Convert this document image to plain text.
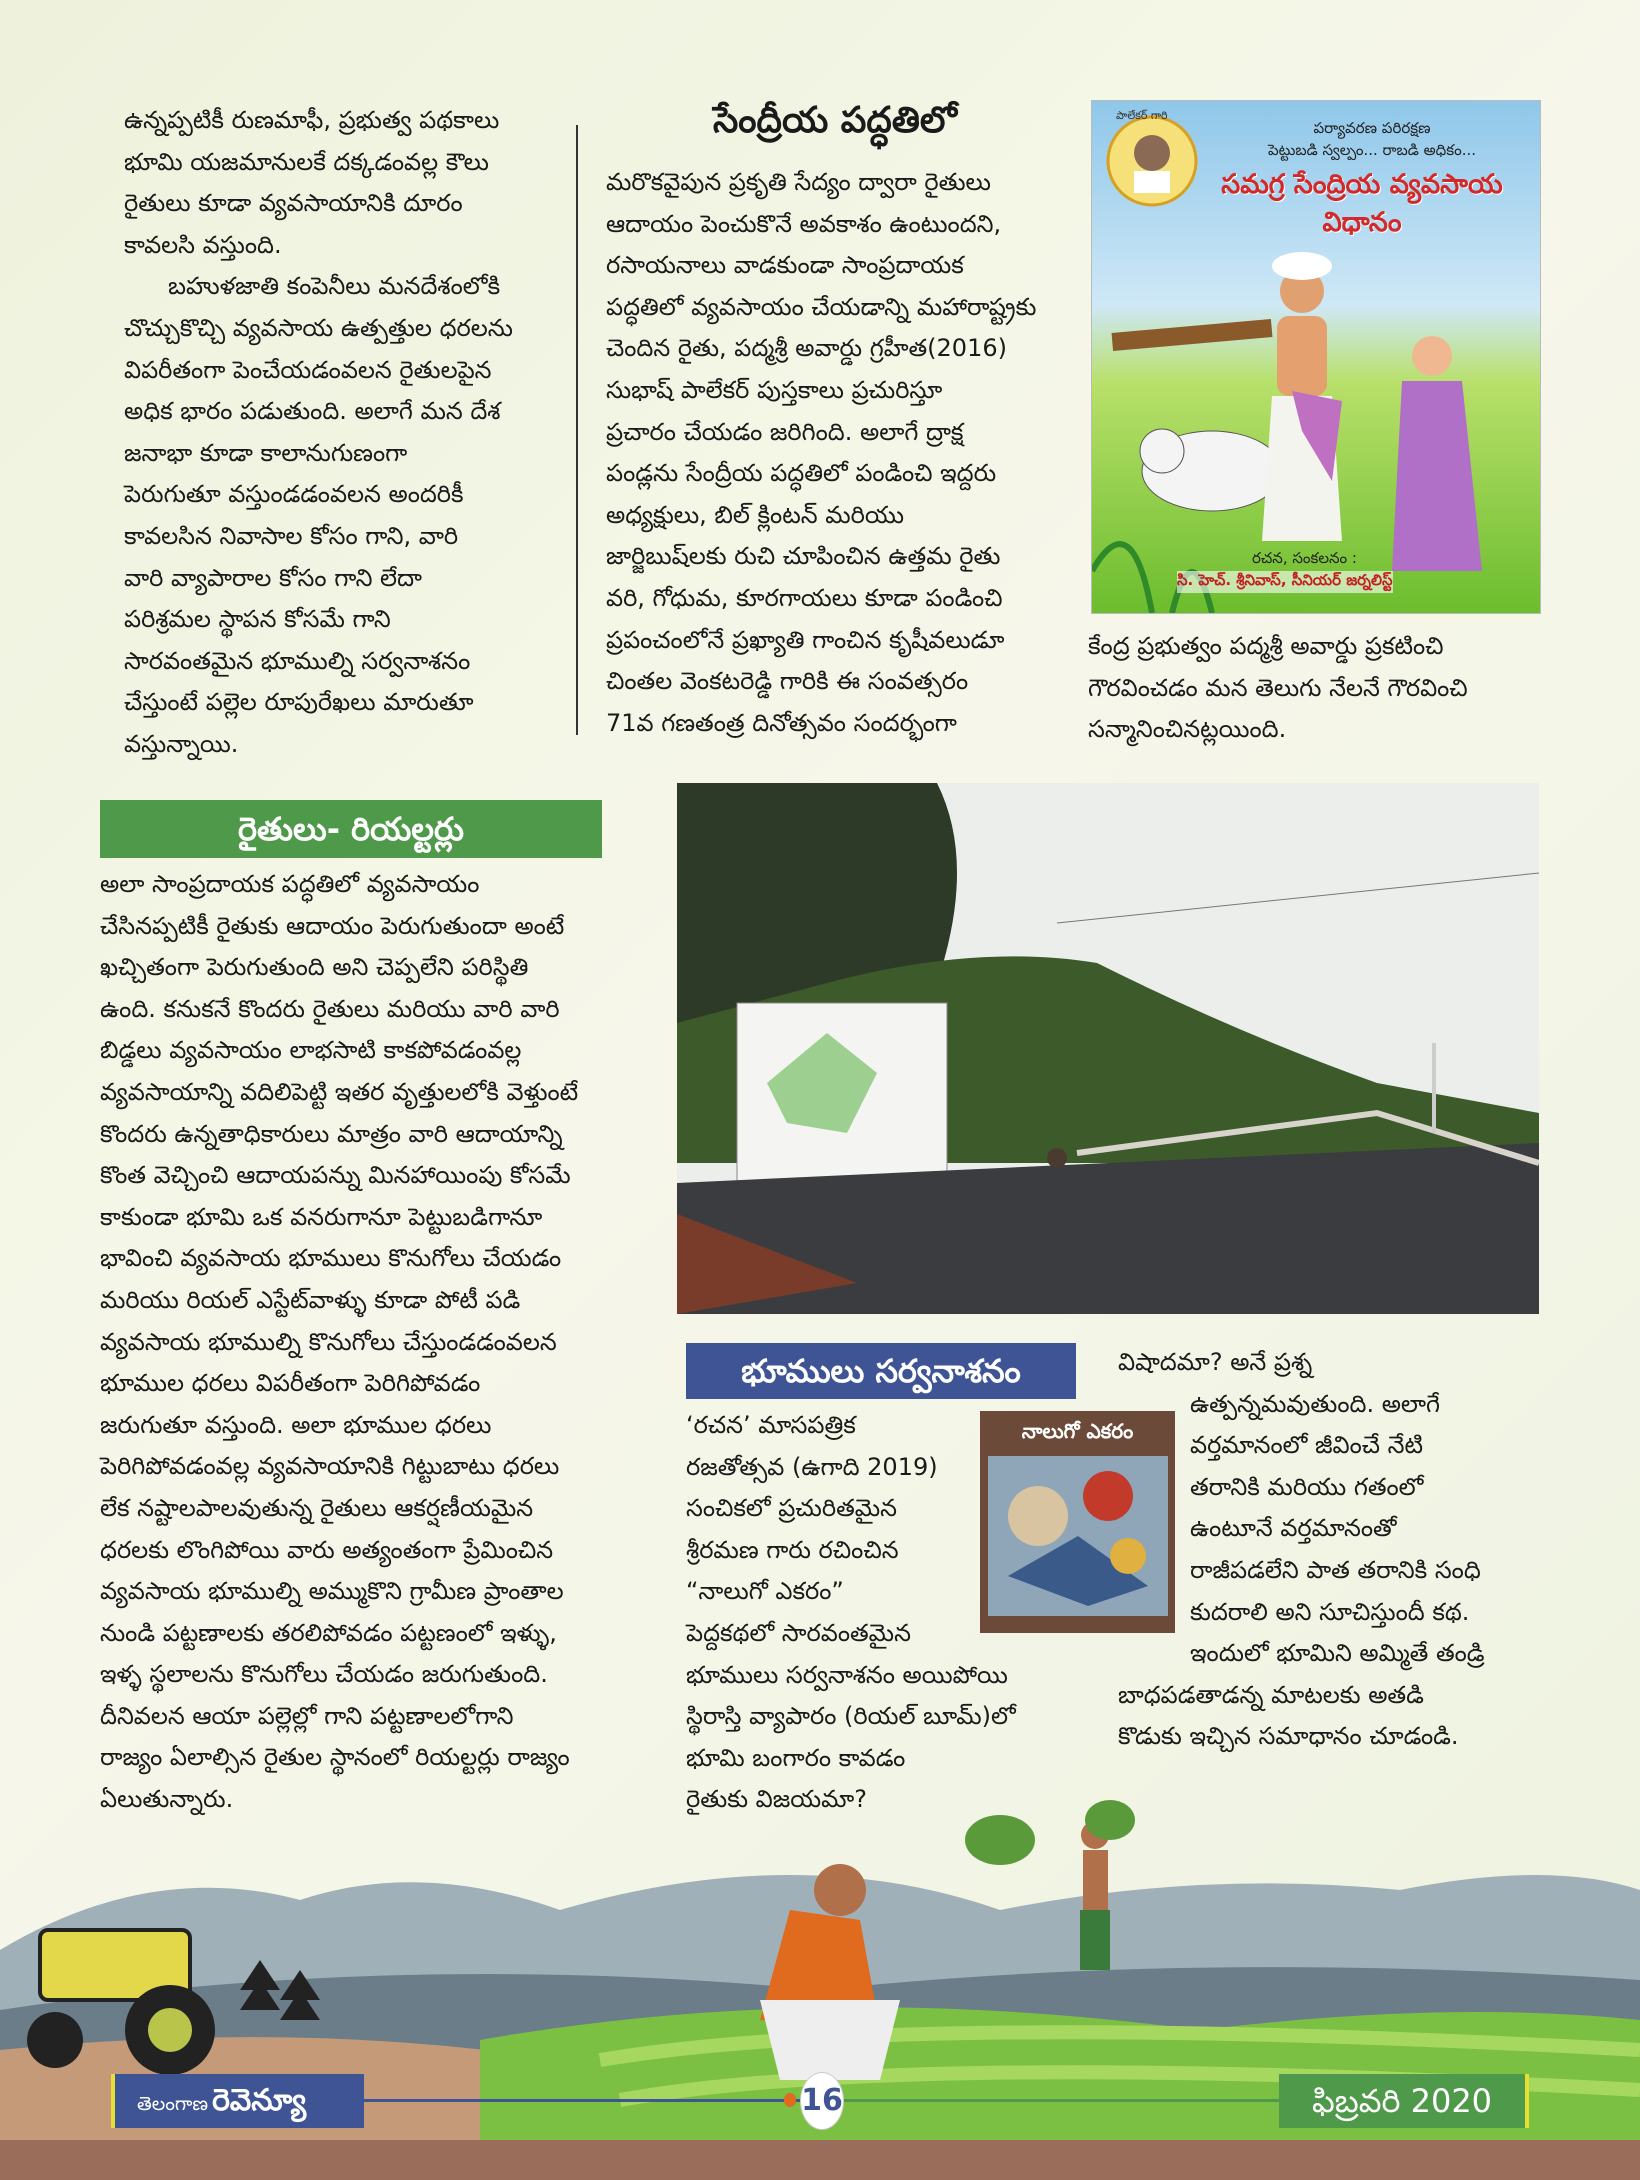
ఉన్నప్పటికీ రుణమాఫీ, ప్రభుత్వ పథకాలు
భూమి యజమానులకే దక్కడంవల్ల కౌలు
రైతులు కూడా వ్యవసాయానికి దూరం
కావలసి వస్తుంది.
బహుళజాతి కంపెనీలు మనదేశంలోకి
చొచ్చుకొచ్చి వ్యవసాయ ఉత్పత్తుల ధరలను
విపరీతంగా పెంచేయడంవలన రైతులపైన
అధిక భారం పడుతుంది. అలాగే మన దేశ
జనాభా కూడా కాలానుగుణంగా
పెరుగుతూ వస్తుండడంవలన అందరికీ
కావలసిన నివాసాల కోసం గాని, వారి
వారి వ్యాపారాల కోసం గాని లేదా
పరిశ్రమల స్థాపన కోసమే గాని
సారవంతమైన భూముల్ని సర్వనాశనం
చేస్తుంటే పల్లెల రూపురేఖలు మారుతూ
వస్తున్నాయి.
సేంద్రీయ పద్ధతిలో
మరొకవైపున ప్రకృతి సేద్యం ద్వారా రైతులు
ఆదాయం పెంచుకొనే అవకాశం ఉంటుందని,
రసాయనాలు వాడకుండా సాంప్రదాయక
పద్ధతిలో వ్యవసాయం చేయడాన్ని మహారాష్ట్రకు
చెందిన రైతు, పద్మశ్రీ అవార్డు గ్రహీత(2016)
సుభాష్ పాలేకర్ పుస్తకాలు ప్రచురిస్తూ
ప్రచారం చేయడం జరిగింది. అలాగే ద్రాక్ష
పండ్లను సేంద్రీయ పద్ధతిలో పండించి ఇద్దరు
అధ్యక్షులు, బిల్ క్లింటన్ మరియు
జార్జిబుష్‌లకు రుచి చూపించిన ఉత్తమ రైతు
వరి, గోధుమ, కూరగాయలు కూడా పండించి
ప్రపంచంలోనే ప్రఖ్యాతి గాంచిన కృషీవలుడూ
చింతల వెంకటరెడ్డి గారికి ఈ సంవత్సరం
71వ గణతంత్ర దినోత్సవం సందర్భంగా
పర్యావరణ పరిరక్షణ
పెట్టుబడి స్వల్పం... రాబడి అధికం...
సమగ్ర సేంద్రియ వ్యవసాయ విధానం
పాలేకర్ గారి
రచన, సంకలనం :
సి. హెచ్. శ్రీనివాస్, సీనియర్ జర్నలిస్ట్
కేంద్ర ప్రభుత్వం పద్మశ్రీ అవార్డు ప్రకటించి
గౌరవించడం మన తెలుగు నేలనే గౌరవించి
సన్మానించినట్లయింది.
రైతులు- రియల్టర్లు
అలా సాంప్రదాయక పద్ధతిలో వ్యవసాయం
చేసినప్పటికీ రైతుకు ఆదాయం పెరుగుతుందా అంటే
ఖచ్చితంగా పెరుగుతుంది అని చెప్పలేని పరిస్థితి
ఉంది. కనుకనే కొందరు రైతులు మరియు వారి వారి
బిడ్డలు వ్యవసాయం లాభసాటి కాకపోవడంవల్ల
వ్యవసాయాన్ని వదిలిపెట్టి ఇతర వృత్తులలోకి వెళ్తుంటే
కొందరు ఉన్నతాధికారులు మాత్రం వారి ఆదాయాన్ని
కొంత వెచ్చించి ఆదాయపన్ను మినహాయింపు కోసమే
కాకుండా భూమి ఒక వనరుగానూ పెట్టుబడిగానూ
భావించి వ్యవసాయ భూములు కొనుగోలు చేయడం
మరియు రియల్ ఎస్టేట్‌వాళ్ళు కూడా పోటీ పడి
వ్యవసాయ భూముల్ని కొనుగోలు చేస్తుండడంవలన
భూముల ధరలు విపరీతంగా పెరిగిపోవడం
జరుగుతూ వస్తుంది. అలా భూముల ధరలు
పెరిగిపోవడంవల్ల వ్యవసాయానికి గిట్టుబాటు ధరలు
లేక నష్టాలపాలవుతున్న రైతులు ఆకర్షణీయమైన
ధరలకు లొంగిపోయి వారు అత్యంతంగా ప్రేమించిన
వ్యవసాయ భూముల్ని అమ్ముకొని గ్రామీణ ప్రాంతాల
నుండి పట్టణాలకు తరలిపోవడం పట్టణంలో ఇళ్ళు,
ఇళ్ళ స్థలాలను కొనుగోలు చేయడం జరుగుతుంది.
దీనివలన ఆయా పల్లెల్లో గాని పట్టణాలలోగాని
రాజ్యం ఏలాల్సిన రైతుల స్థానంలో రియల్టర్లు రాజ్యం
ఏలుతున్నారు.
భూములు సర్వనాశనం
‘రచన’ మాసపత్రిక
రజతోత్సవ (ఉగాది 2019)
సంచికలో ప్రచురితమైన
శ్రీరమణ గారు రచించిన
“నాలుగో ఎకరం”
పెద్దకథలో సారవంతమైన
భూములు సర్వనాశనం అయిపోయి
స్థిరాస్తి వ్యాపారం (రియల్ బూమ్)లో
భూమి బంగారం కావడం
రైతుకు విజయమా?
నాలుగో ఎకరం
విషాదమా? అనే ప్రశ్న
ఉత్పన్నమవుతుంది. అలాగే
వర్తమానంలో జీవించే నేటి
తరానికి మరియు గతంలో
ఉంటూనే వర్తమానంతో
రాజీపడలేని పాత తరానికి సంధి
కుదరాలి అని సూచిస్తుందీ కథ.
ఇందులో భూమిని అమ్మితే తండ్రి
బాధపడతాడన్న మాటలకు అతడి
కొడుకు ఇచ్చిన సమాధానం చూడండి.
తెలంగాణ రెవెన్యూ	16	ఫిబ్రవరి 2020
